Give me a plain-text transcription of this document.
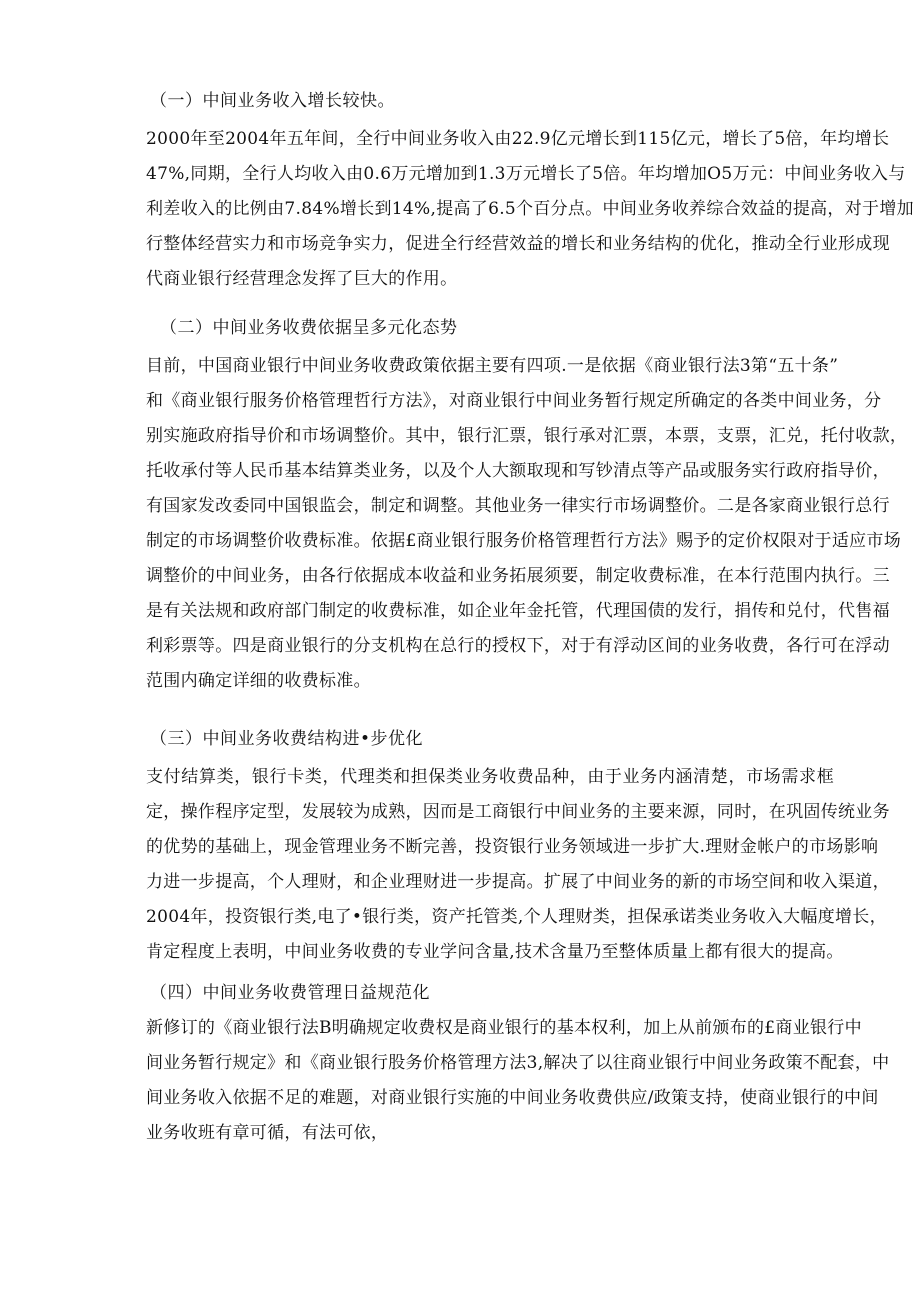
（一）中间业务收入增长较快。
2000年至2004年五年间，全行中间业务收入由22.9亿元增长到115亿元，增长了5倍，年均增长
47%,同期，全行人均收入由0.6万元增加到1.3万元增长了5倍。年均增加O5万元：中间业务收入与
利差收入的比例由7.84%增长到14%,提高了6.5个百分点。中间业务收养综合效益的提高，对于增加
行整体经营实力和市场竞争实力，促进全行经营效益的增长和业务结构的优化，推动全行业形成现
代商业银行经营理念发挥了巨大的作用。
（二）中间业务收费依据呈多元化态势
目前，中国商业银行中间业务收费政策依据主要有四项.一是依据《商业银行法3第“五十条”
和《商业银行服务价格管理哲行方法》，对商业银行中间业务暂行规定所确定的各类中间业务，分
别实施政府指导价和市场调整价。其中，银行汇票，银行承对汇票，本票，支票，汇兑，托付收款，
托收承付等人民币基本结算类业务，以及个人大额取现和写钞清点等产品或服务实行政府指导价，
有国家发改委同中国银监会，制定和调整。其他业务一律实行市场调整价。二是各家商业银行总行
制定的市场调整价收费标准。依据£商业银行服务价格管理哲行方法》赐予的定价权限对于适应市场
调整价的中间业务，由各行依据成本收益和业务拓展须要，制定收费标准，在本行范围内执行。三
是有关法规和政府部门制定的收费标准，如企业年金托管，代理国债的发行，捐传和兑付，代售福
利彩票等。四是商业银行的分支机构在总行的授权下，对于有浮动区间的业务收费，各行可在浮动
范围内确定详细的收费标准。
（三）中间业务收费结构进•步优化
支付结算类，银行卡类，代理类和担保类业务收费品种，由于业务内涵清楚，市场需求框
定，操作程序定型，发展较为成熟，因而是工商银行中间业务的主要来源，同时，在巩固传统业务
的优势的基础上，现金管理业务不断完善，投资银行业务领域进一步扩大.理财金帐户的市场影响
力进一步提高，个人理财，和企业理财进一步提高。扩展了中间业务的新的市场空间和收入渠道，
2004年，投资银行类,电了•银行类，资产托管类,个人理财类，担保承诺类业务收入大幅度增长，
肯定程度上表明，中间业务收费的专业学问含量,技术含量乃至整体质量上都有很大的提高。
（四）中间业务收费管理日益规范化
新修订的《商业银行法B明确规定收费权是商业银行的基本权利，加上从前颁布的£商业银行中
间业务暂行规定》和《商业银行股务价格管理方法3,解决了以往商业银行中间业务政策不配套，中
间业务收入依据不足的难题，对商业银行实施的中间业务收费供应/政策支持，使商业银行的中间
业务收班有章可循，有法可依，
